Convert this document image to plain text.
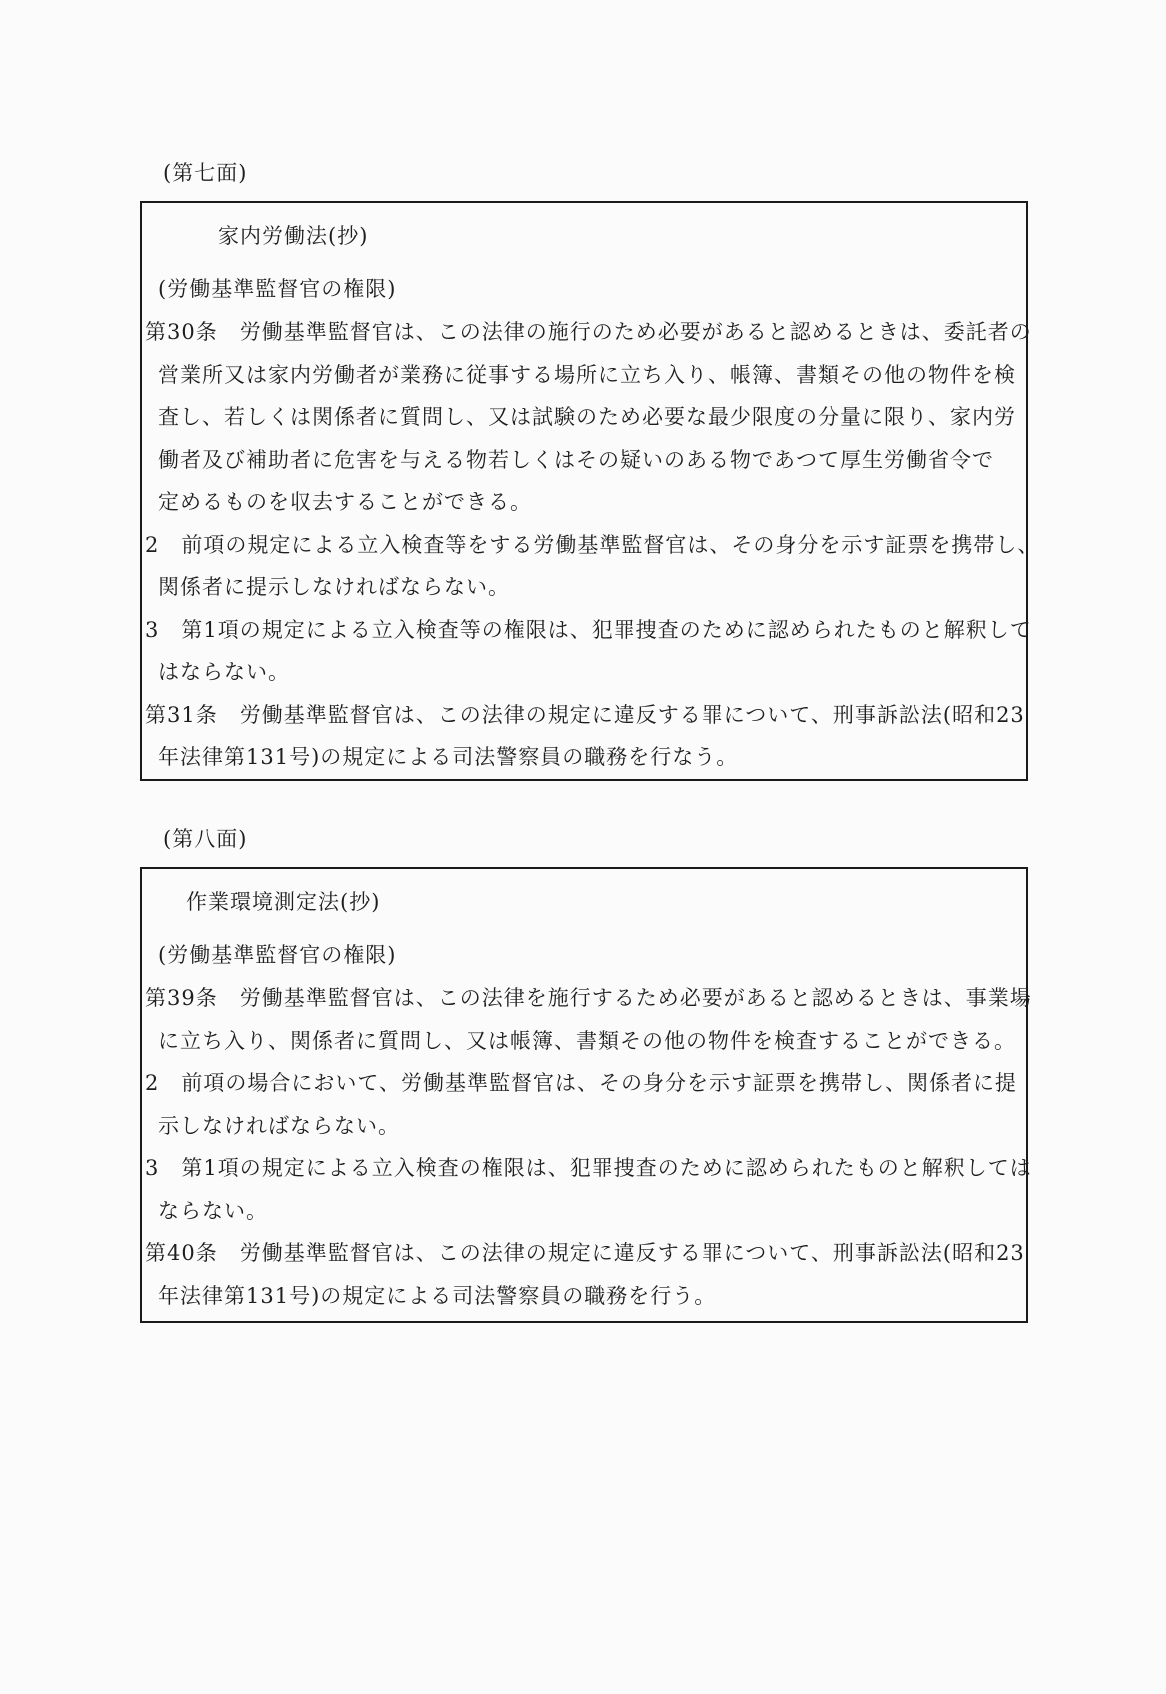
(第七面)
家内労働法(抄)
(労働基準監督官の権限)
第30条　労働基準監督官は、この法律の施行のため必要があると認めるときは、委託者の
営業所又は家内労働者が業務に従事する場所に立ち入り、帳簿、書類その他の物件を検
査し、若しくは関係者に質問し、又は試験のため必要な最少限度の分量に限り、家内労
働者及び補助者に危害を与える物若しくはその疑いのある物であつて厚生労働省令で
定めるものを収去することができる。
2　前項の規定による立入検査等をする労働基準監督官は、その身分を示す証票を携帯し、
関係者に提示しなければならない。
3　第1項の規定による立入検査等の権限は、犯罪捜査のために認められたものと解釈して
はならない。
第31条　労働基準監督官は、この法律の規定に違反する罪について、刑事訴訟法(昭和23
年法律第131号)の規定による司法警察員の職務を行なう。
(第八面)
作業環境測定法(抄)
(労働基準監督官の権限)
第39条　労働基準監督官は、この法律を施行するため必要があると認めるときは、事業場
に立ち入り、関係者に質問し、又は帳簿、書類その他の物件を検査することができる。
2　前項の場合において、労働基準監督官は、その身分を示す証票を携帯し、関係者に提
示しなければならない。
3　第1項の規定による立入検査の権限は、犯罪捜査のために認められたものと解釈しては
ならない。
第40条　労働基準監督官は、この法律の規定に違反する罪について、刑事訴訟法(昭和23
年法律第131号)の規定による司法警察員の職務を行う。
